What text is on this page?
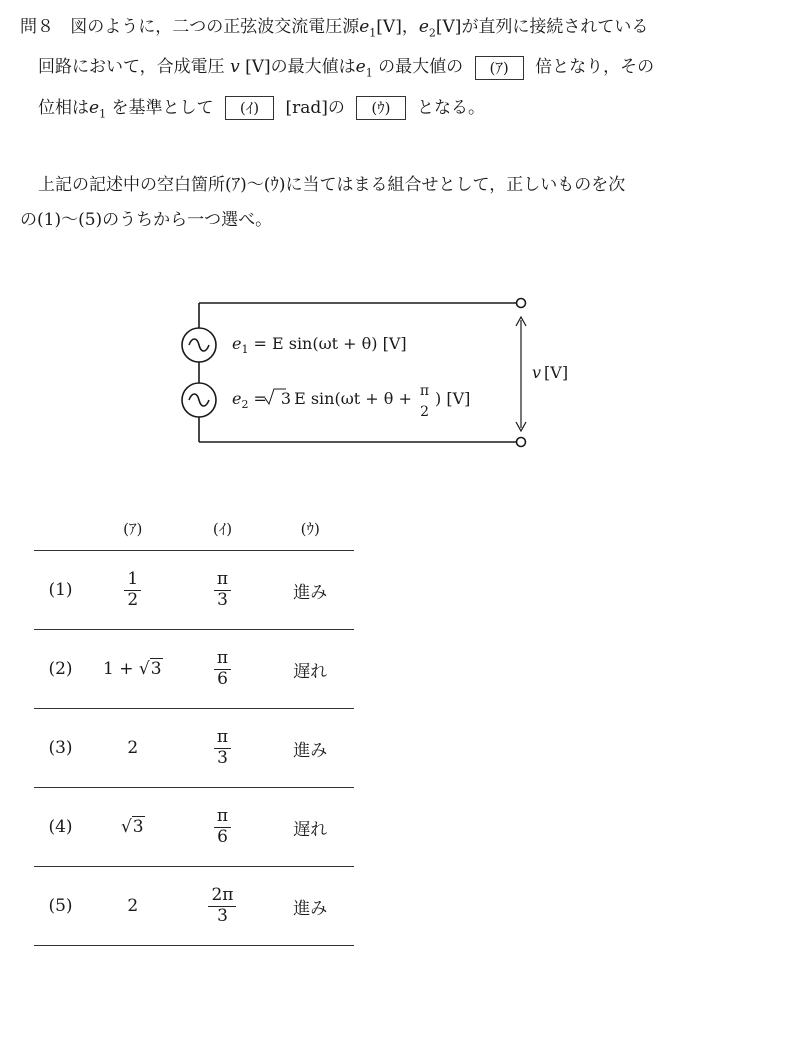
問８ 図のように，二つの正弦波交流電圧源$e_1[V]$，$e_2[V]$が直列に接続されている
回路において，合成電圧 v [V]の最大値は$e_1$ の最大値の (ｱ) 倍となり，その
位相は$e_1$ を基準として (ｲ) [rad]の (ｳ) となる。
上記の記述中の空白箇所(ｱ)～(ｳ)に当てはまる組合せとして，正しいものを次
の(1)～(5)のうちから一つ選べ。
$e_1 = E$ sin(ωt + θ) [V]
$e_2 = 3$ E sin(ωt + θ + π 2) [V]
v [V]
	(ｱ)	(ｲ)	(ｳ)
(1)	$\frac{1}{2}$	$\frac{\pi}{3}$	進み
(2)	1 + √3	$\frac{\pi}{6}$	遅れ
(3)	2	$\frac{\pi}{3}$	進み
(4)	√3	$\frac{\pi}{6}$	遅れ
(5)	2	$\frac{2\pi}{3}$	進み
